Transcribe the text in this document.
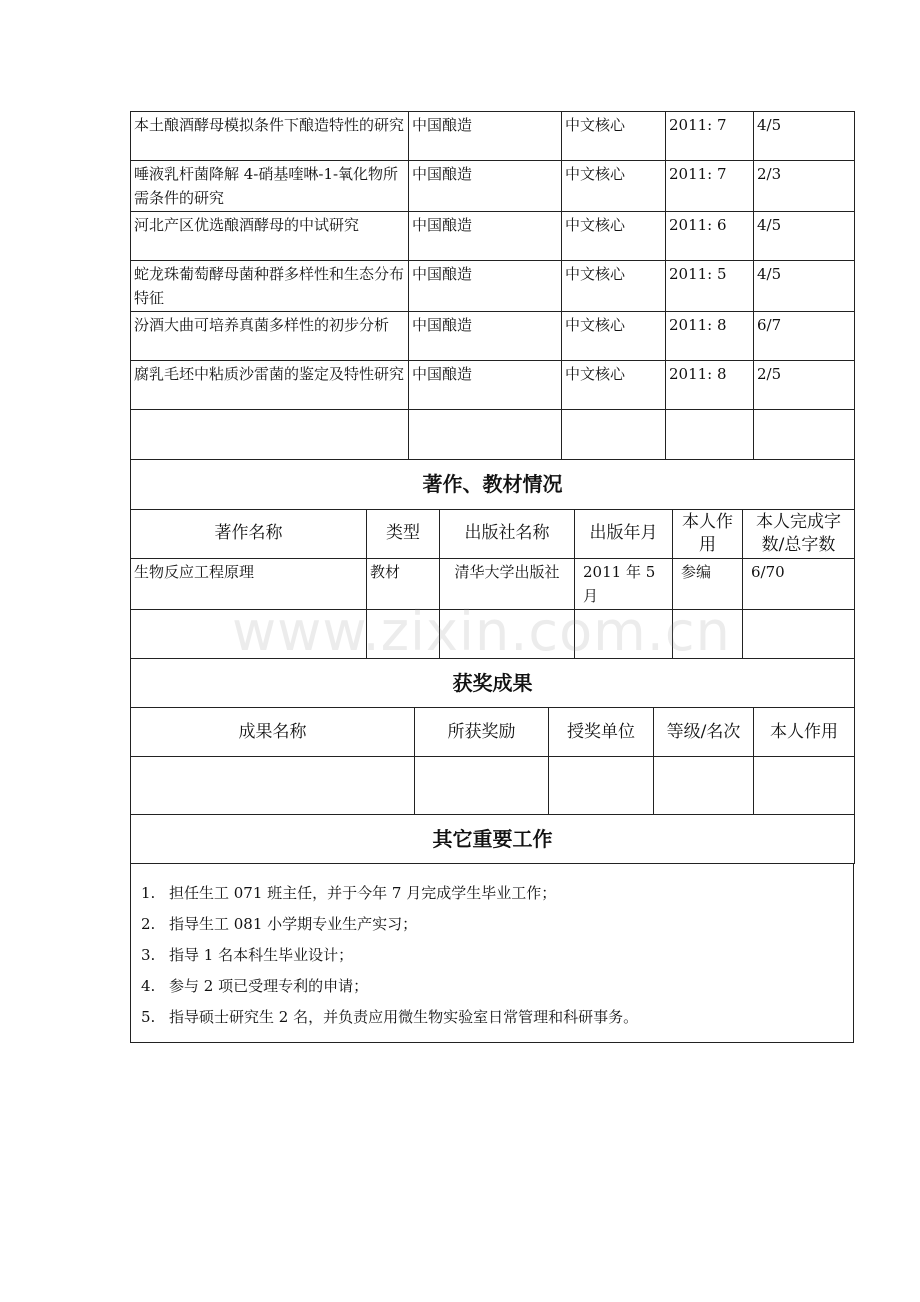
本土酿酒酵母模拟条件下酿造特性的研究	中国酿造	中文核心	2011: 7	4/5
唾液乳杆菌降解 4-硝基喹啉-1-氧化物所需条件的研究	中国酿造	中文核心	2011: 7	2/3
河北产区优选酿酒酵母的中试研究	中国酿造	中文核心	2011: 6	4/5
蛇龙珠葡萄酵母菌种群多样性和生态分布特征	中国酿造	中文核心	2011: 5	4/5
汾酒大曲可培养真菌多样性的初步分析	中国酿造	中文核心	2011: 8	6/7
腐乳毛坯中粘质沙雷菌的鉴定及特性研究	中国酿造	中文核心	2011: 8	2/5

著作、教材情况					
著作名称	类型	出版社名称	出版年月	本人作用	本人完成字数/总字数
生物反应工程原理	教材	清华大学出版社	2011 年 5 月	参编	6/70

获奖成果				
成果名称	所获奖励	授奖单位	等级/名次	本人作用

其它重要工作				
1. 担任生工 071 班主任，并于今年 7 月完成学生毕业工作；
2. 指导生工 081 小学期专业生产实习；
3. 指导 1 名本科生毕业设计；
4. 参与 2 项已受理专利的申请；
5. 指导硕士研究生 2 名，并负责应用微生物实验室日常管理和科研事务。
www.zixin.com.cn
